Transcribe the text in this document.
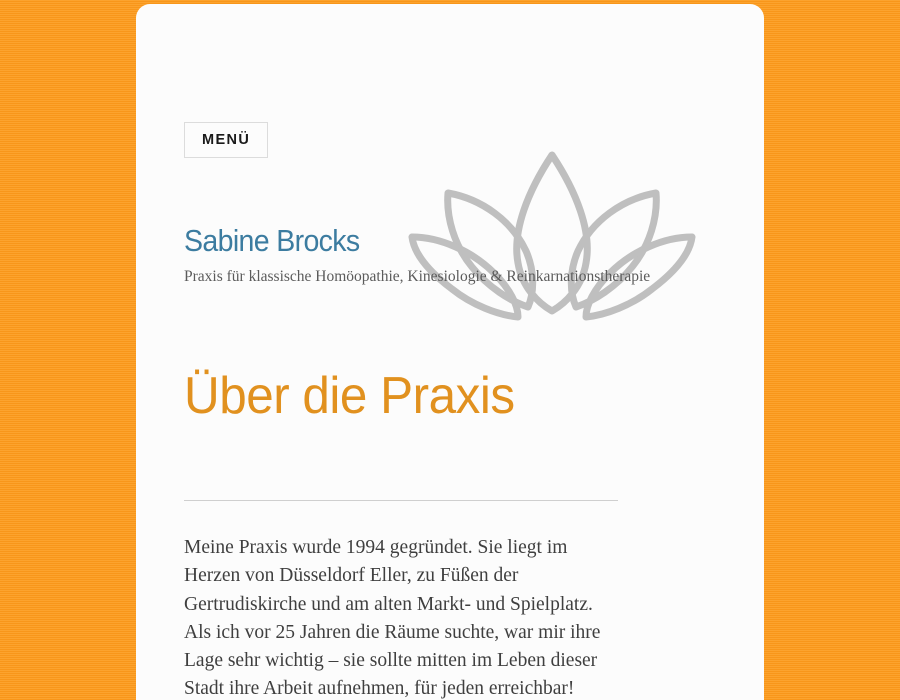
MENÜ
Sabine Brocks

Praxis für klassische Homöopathie, Kinesiologie & Reinkarnationstherapie

Über die Praxis

Meine Praxis wurde 1994 gegründet. Sie liegt im Herzen von Düsseldorf Eller, zu Füßen der Gertrudiskirche und am alten Markt- und Spielplatz. Als ich vor 25 Jahren die Räume suchte, war mir ihre Lage sehr wichtig – sie sollte mitten im Leben dieser Stadt ihre Arbeit aufnehmen, für jeden erreichbar!
